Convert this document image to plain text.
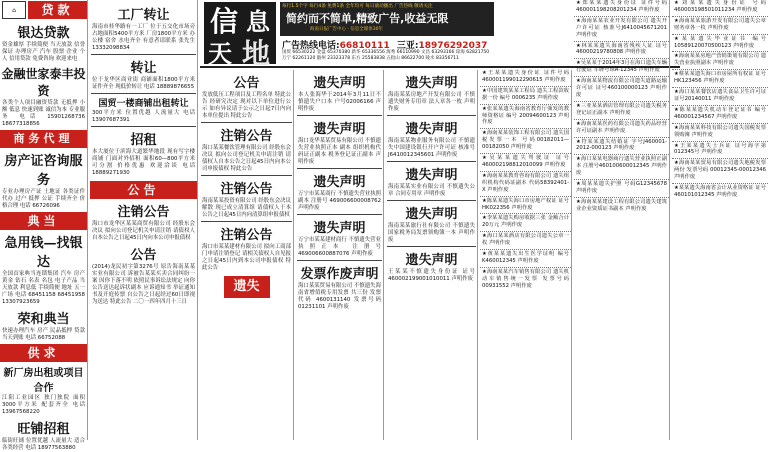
⌂	贷款
银达贷款
资金雄厚 手续简便 当天放款 信誉保证 办理房产 汽车 股票 企业 个人 信用贷款 免费咨询 欢迎来电
金融世家泰丰投资
各类个人项目融资贷款 无抵押 小额 低息 快速到账 诚信为本 专业服务 电话 15901268736 18677318856
商务代理
房产证咨询服务
专业办理房产证 土地证 各类证件代办 过户 抵押 公证 手续齐全 价格合理 电话 66726096
典当
急用钱—找银达
全国首家典当连锁集团 汽车 房产 黄金 钻石 名表 名包 电子产品 当天放款 利息低 手续简便 地址 五一广场 电话 68451158 68451958 13307923659
荣和典当
快速办理汽车 房产 民品抵押 贷款 当天到账 电话 66752088
供求
新厂房出租或项目合作
江阳工业园区 独门独院 面积 3000平方米 配套齐全 电话 13967568220
旺铺招租
临街旺铺 位置优越 人流量大 适合各类经营 电话 18977563880
工厂转让
海南市桂华路有一工厂 位于五交化市场旁 占地面积5400平方米 厂房1800平方米 办公楼 宿舍 水电齐全 有意者请联系 张先生 13332098834
转让
位于龙华区商业街 商铺面积1800平方米 证件齐全 现低价转让 电话 18889876655
国贸一楼商铺出租转让
300平方米 位置优越 人流量大 电话 13907687391
招租
本大厦位于滨海大道繁华地段 现有写字楼 商铺 门面对外招租 面积60—800平方米 可分割 价格优惠 欢迎洽谈 电话 18889271930
公告
注销公告
海口市龙华区某某商贸有限公司 经股东会决议 拟向公司登记机关申请注销 请债权人自本公告之日起45日内向本公司申报债权
公告
(2014)龙民初字第3276号 原告海南某某实业有限公司 诉被告某某买卖合同纠纷一案 因你下落不明 依照民事诉讼法规定 向你公告送达起诉状副本 应诉通知书 举证通知书及开庭传票 自公告之日起经过60日即视为送达 特此公告 二〇一四年四月十三日
信 息
天 地
每行1.5个字 每行4条 免费1条 全年均可 每日滚动播出 广告热线 敬请关注
简约而不简单,精致广告,收益无限
海南日报广告中心 · 信息全媒体30年
广告热线电话:66810111 三亚:18976292037
国贸 66530222 金盘 65370380 新华 65336556 海秀 66110990 文昌 63293166 琼海 62821750 万宁 62261120 儋州 23323378 东方 25583838 五指山 86622700 陵水 83356711
公告
发放低压工程项目及工程名单 特此公告 经研究决定 现对以下单位进行公示 如有异议请于公示之日起7日内向本单位提出 特此公告
注销公告
海口某某餐饮管理有限公司 经股东会决议 拟向公司登记机关申请注销 请债权人自本公告之日起45日内向本公司申报债权 特此公告
注销公告
海南某某投资有限公司 经股东会决议解散 现已成立清算组 请债权人于本公告之日起45日内向清算组申报债权
注销公告
海口市某某建材有限公司 拟向工商部门申请注销登记 请相关债权人自见报之日起45日内到本公司申报债权 特此公告
遗失
遗失声明
本人张海华于2014年3月11日不慎遗失户口本 户号02006166 声明作废
遗失声明
海口龙华某某贸易有限公司 不慎遗失营业执照正本 副本 组织机构代码证正副本 税务登记证正副本 声明作废
遗失声明
万宁市某某商行 不慎遗失营业执照副本 注册号 469006600008762 声明作废
遗失声明
万宁市某某建材商行 不慎遗失营业执照正本 注册号 469006600887076 声明作废
发票作废声明
海口某某贸易有限公司 不慎遗失海南省增值税专用发票 共三份 发票代码 4600131140 发票号码 01231101 声明作废
遗失声明
海南某某房地产开发有限公司 不慎遗失财务专用章 法人章各一枚 声明作废
遗失声明
海南某某物业服务有限公司 不慎遗失中国建设银行开户许可证 核准号 J6410012345601 声明作废
遗失声明
海南某某实业有限公司 不慎遗失公章 合同专用章 声明作废
遗失声明
海南某某旅行社有限公司 不慎遗失国家税务局发票领购簿一本 声明作废
遗失声明
王某某不慎遗失身份证 证号 460002199001010011 声明作废
★王某某遗失身份证 证件号码460001199012290615 声明作废
★中国建筑某某工程局 遗失工程款收据一份 编号 0006235 声明作废
★张某某遗失海南省教育厅颁发的教师资格证 编号 20094600123 声明作废
★海南某某装饰工程有限公司 遗失国税发票一本 号码00182011—00182050 声明作废
★吴某某遗失驾驶证 证号460002198812010099 声明作废
★海南某某教育咨询有限公司 遗失组织机构代码证副本 代码58392401-X 声明作废
★陈某某遗失海口市房地产权证 证号HK022356 声明作废
★李某某遗失购房收据三张 金额合计20万元 声明作废
★海口某某酒店有限公司遗失公章一枚 声明作废
★黄某某遗失出生医学证明 编号K460012345 声明作废
★海南某某汽车销售有限公司 遗失机动车销售统一发票 发票号码00931552 声明作废
★郑某某遗失身份证 证件号码460001198208201234 声明作废
★海南某某农业开发有限公司 遗失开户许可证 核准号J6410045671201 声明作废
★林某某遗失海南省残疾人证 证号46000219780808 声明作废
★吴某某于2014年3月在海口遗失车辆行驶证 车牌号琼A·12345 声明作废
★海南某某物流有限公司遗失道路运输许可证 证号460100000123 声明作废
★三亚某某酒店管理有限公司遗失税务登记证正副本 声明作废
★海南某某医药有限公司遗失药品经营许可证副本 声明作废
★符某某遗失结婚证 字号J460001-2012-000123 声明作废
★海口某某电器商行遗失营业执照正副本 注册号460100600012345 声明作废
★周某某遗失护照 号码G12345678 声明作废
★海南某某建设工程有限公司遗失建筑业企业资质证书副本 声明作废
★刘某某遗失身份证 号码460003198501011234 声明作废
★海南某某旅游开发有限公司遗失公章 财务章各一枚 声明作废
★某某遗失毕业证书 编号10589120070500123 声明作废
★海南某某房地产营销策划有限公司 遗失营业执照副本 声明作废
★蔡某某遗失海口市房屋所有权证 证号HK123456 声明作废
★海口某某餐饮店遗失食品卫生许可证 证号20140011 声明作废
★陈某某遗失机动车登记证书 编号460001234567 声明作废
★海南某某科技有限公司遗失国税发票领购簿 声明作废
★王某某遗失士兵证 证号海字第012345号 声明作废
★海南某某贸易有限公司遗失地税发票两份 发票号码 00012345-00012346 声明作废
★某某遗失海南省会计从业资格证 证号460101012345 声明作废
